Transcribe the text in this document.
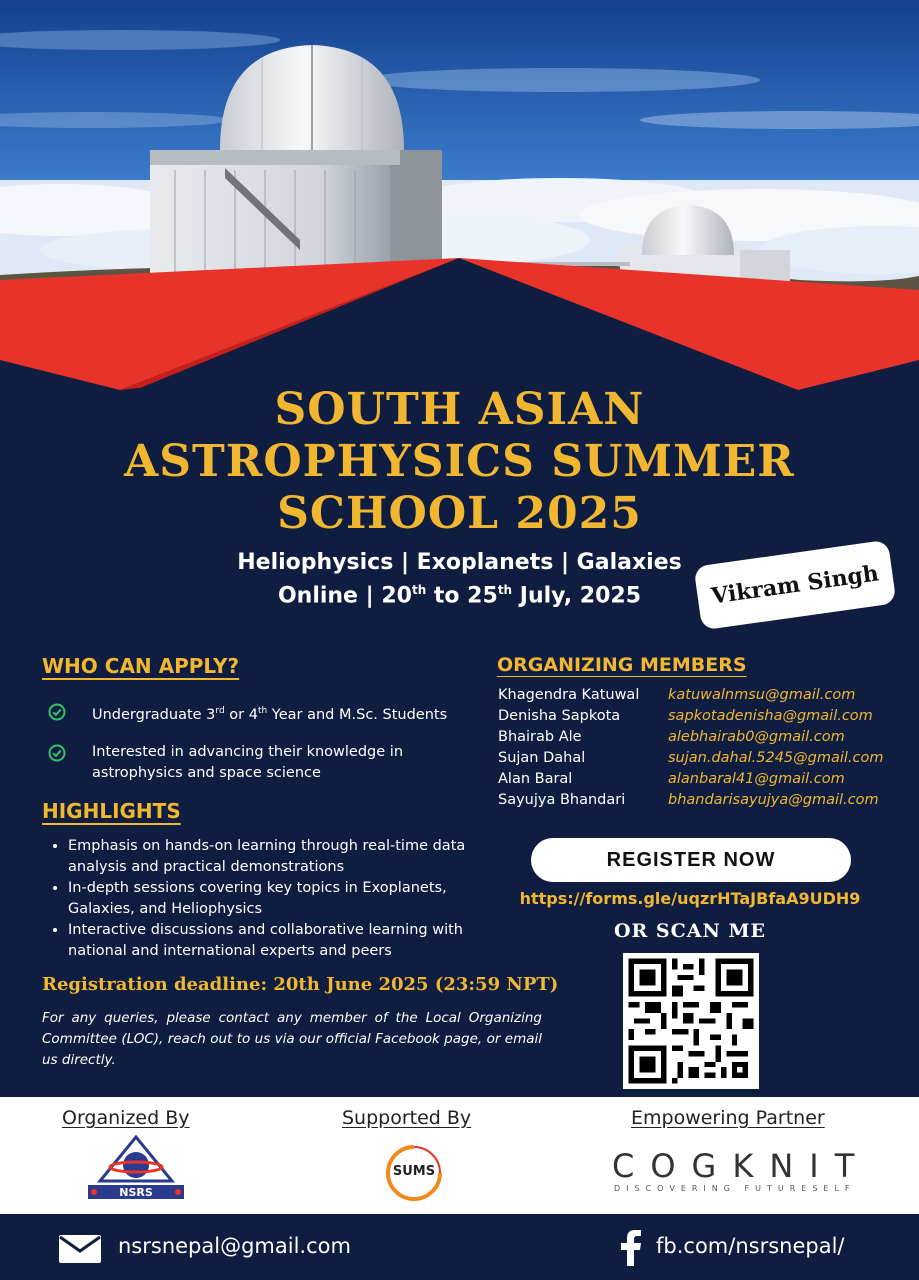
SOUTH ASIAN
ASTROPHYSICS SUMMER
SCHOOL 2025
Heliophysics | Exoplanets | Galaxies
Online | 20th to 25th July, 2025	Vikram Singh
WHO CAN APPLY?
Undergraduate 3rd or 4th Year and M.Sc. Students
Interested in advancing their knowledge in astrophysics and space science
HIGHLIGHTS
• Emphasis on hands-on learning through real-time data analysis and practical demonstrations
• In-depth sessions covering key topics in Exoplanets, Galaxies, and Heliophysics
• Interactive discussions and collaborative learning with national and international experts and peers
Registration deadline: 20th June 2025 (23:59 NPT)
For any queries, please contact any member of the Local Organizing Committee (LOC), reach out to us via our official Facebook page, or email us directly.
ORGANIZING MEMBERS
Khagendra Katuwal katuwalnmsu@gmail.com
Denisha Sapkota	sapkotadenisha@gmail.com
Bhairab Ale	alebhairab0@gmail.com
Sujan Dahal	sujan.dahal.5245@gmail.com
Alan Baral	alanbaral41@gmail.com
Sayujya Bhandari	bhandarisayujya@gmail.com
REGISTER NOW
https://forms.gle/uqzrHTaJBfaA9UDH9
OR SCAN ME
Organized By	Supported By	Empowering Partner
NSRS
SUMS	COGKNIT
DISCOVERING FUTURESELF
nsrsnepal@gmail.com	fb.com/nsrsnepal/
